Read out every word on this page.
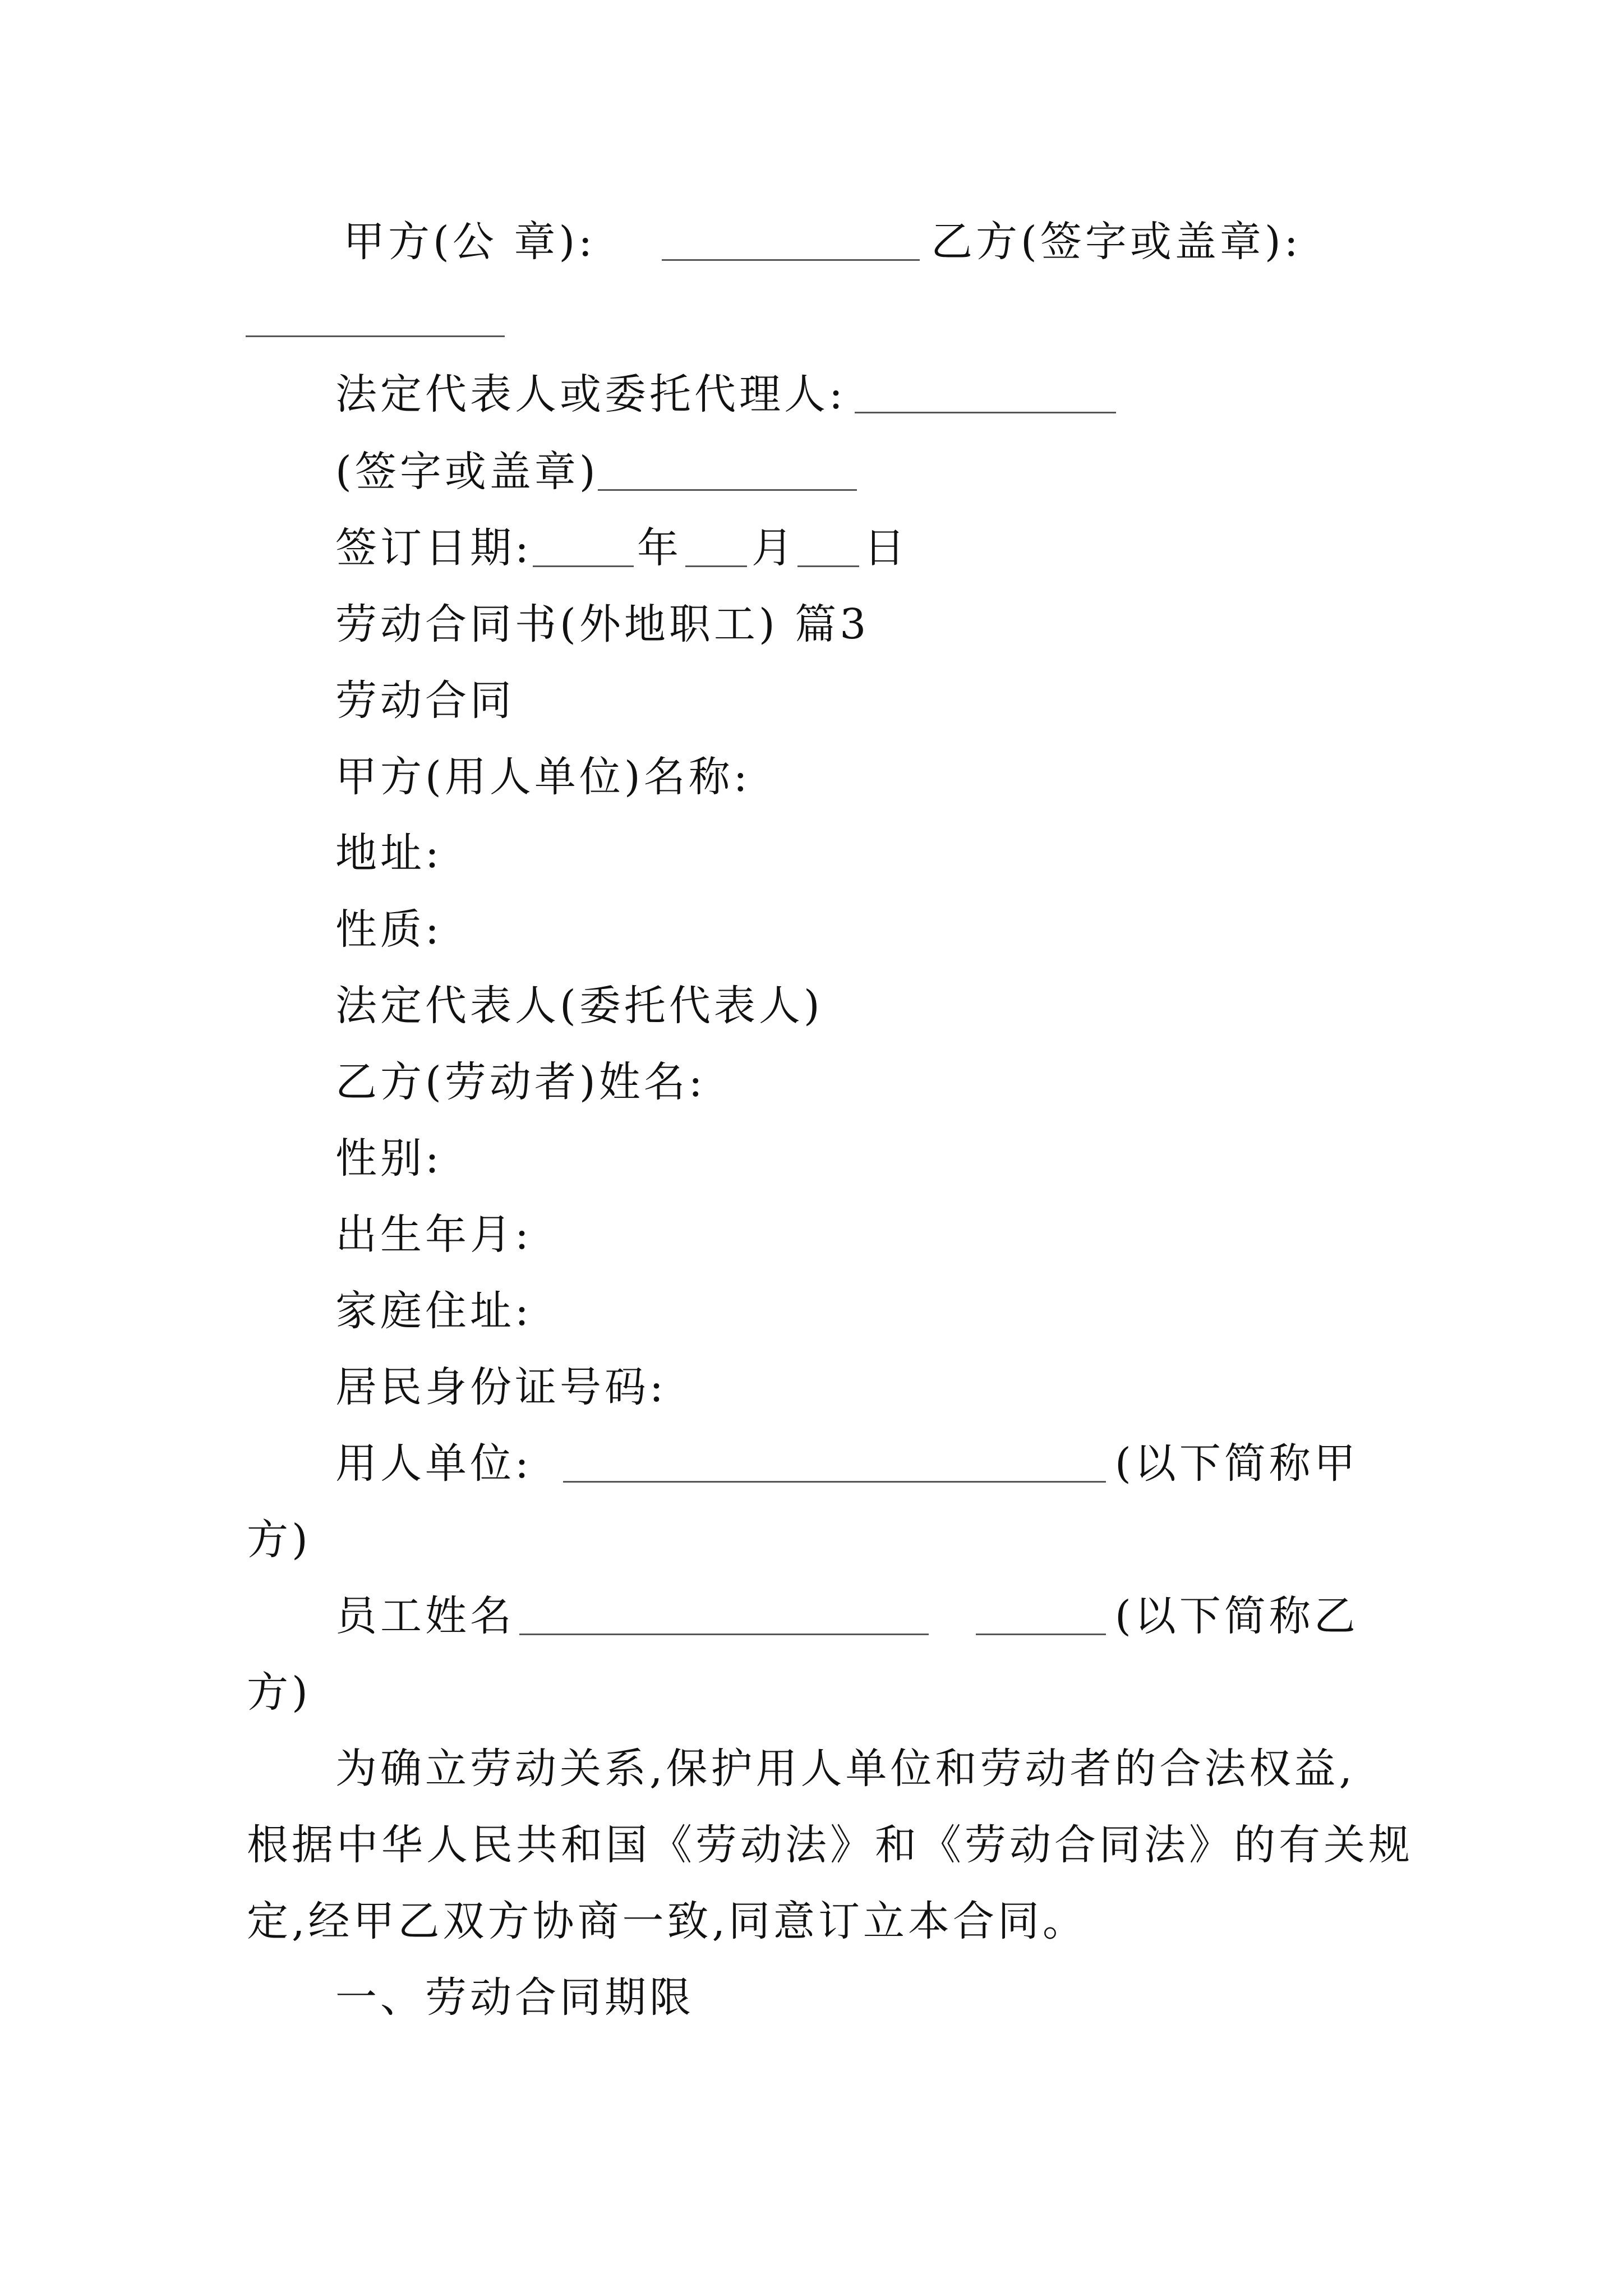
甲方(公 章):	乙方(签字或盖章):
法定代表人或委托代理人:
(签字或盖章)
签订日期:	年 月 日
劳动合同书(外地职工) 篇3
劳动合同
甲方(用人单位)名称:
地址:
性质:
法定代表人(委托代表人)
乙方(劳动者)姓名:
性别:
出生年月:
家庭住址:
居民身份证号码:
用人单位:	(以下简称甲
方)
员工姓名	(以下简称乙
方)
为确立劳动关系,保护用人单位和劳动者的合法权益,
根据中华人民共和国《劳动法》和《劳动合同法》的有关规
定,经甲乙双方协商一致,同意订立本合同。
一、劳动合同期限
